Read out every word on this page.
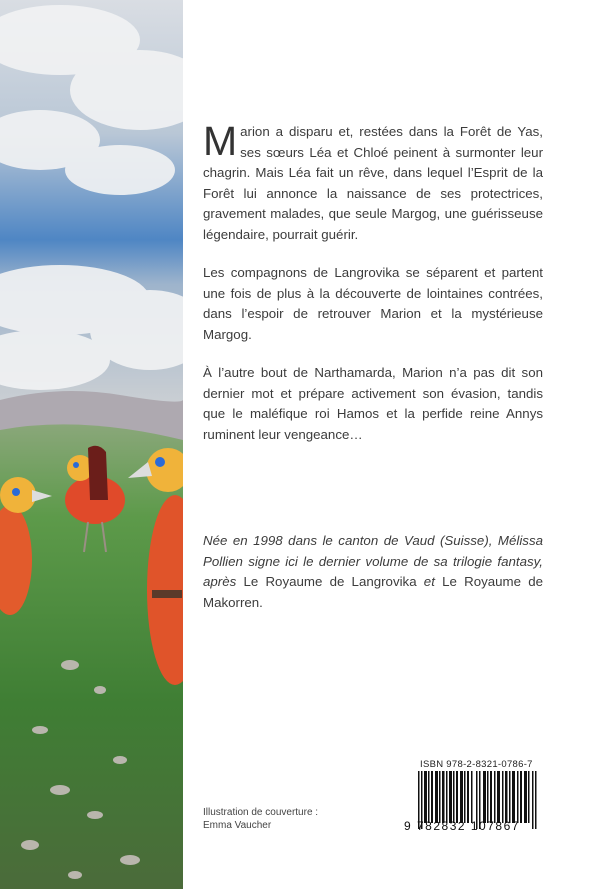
Marion a disparu et, restées dans la Forêt de Yas, ses sœurs Léa et Chloé peinent à surmonter leur chagrin. Mais Léa fait un rêve, dans lequel l’Esprit de la Forêt lui annonce la naissance de ses protectrices, gravement malades, que seule Margog, une guérisseuse légendaire, pourrait guérir.

Les compagnons de Langrovika se séparent et partent une fois de plus à la découverte de lointaines contrées, dans l’espoir de retrouver Marion et la mystérieuse Margog.

À l’autre bout de Narthamarda, Marion n’a pas dit son dernier mot et prépare activement son évasion, tandis que le maléfique roi Hamos et la perfide reine Annys ruminent leur vengeance…

Née en 1998 dans le canton de Vaud (Suisse), Mélissa Pollien signe ici le dernier volume de sa trilogie fantasy, après Le Royaume de Langrovika et Le Royaume de Makorren.
Illustration de couverture :
Emma Vaucher
ISBN 978-2-8321-0786-7
9 782832 107867
